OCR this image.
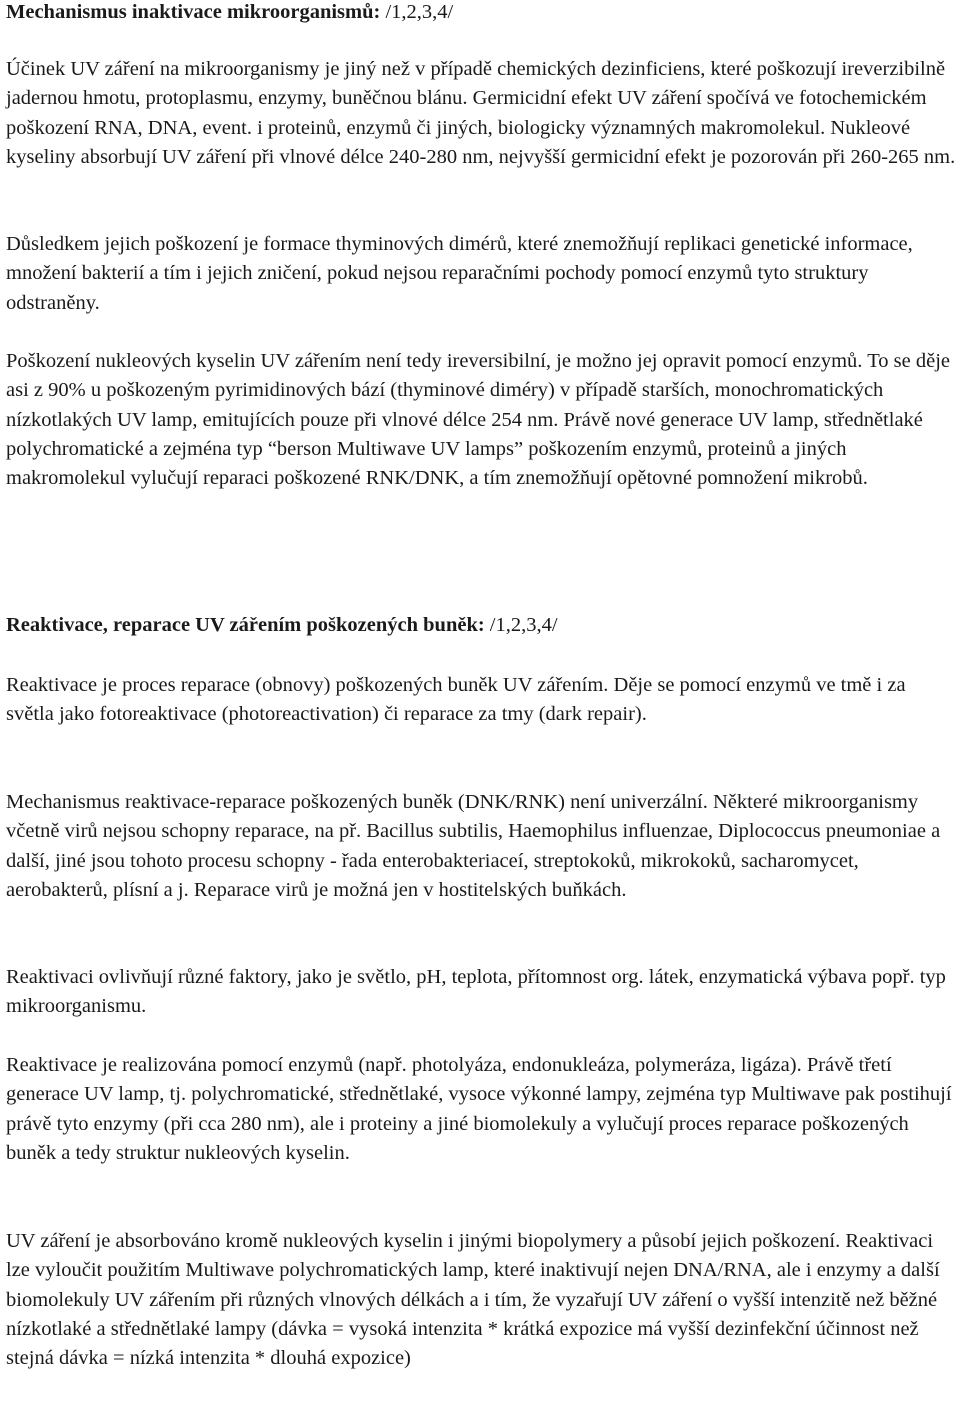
Mechanismus inaktivace mikroorganismů: /1,2,3,4/

Účinek UV záření na mikroorganismy je jiný než v případě chemických dezinficiens, které poškozují ireverzibilně jadernou hmotu, protoplasmu, enzymy, buněčnou blánu. Germicidní efekt UV záření spočívá ve fotochemickém poškození RNA, DNA, event. i proteinů, enzymů či jiných, biologicky významných makromolekul. Nukleové kyseliny absorbují UV záření při vlnové délce 240-280 nm, nejvyšší germicidní efekt je pozorován při 260-265 nm.

Důsledkem jejich poškození je formace thyminových dimérů, které znemožňují replikaci genetické informace, množení bakterií a tím i jejich zničení, pokud nejsou reparačními pochody pomocí enzymů tyto struktury odstraněny.

Poškození nukleových kyselin UV zářením není tedy ireversibilní, je možno jej opravit pomocí enzymů. To se děje asi z 90% u poškozeným pyrimidinových bází (thyminové diméry) v případě starších, monochromatických nízkotlakých UV lamp, emitujících pouze při vlnové délce 254 nm. Právě nové generace UV lamp, střednětlaké polychromatické a zejména typ “berson Multiwave UV lamps” poškozením enzymů, proteinů a jiných makromolekul vylučují reparaci poškozené RNK/DNK, a tím znemožňují opětovné pomnožení mikrobů.

Reaktivace, reparace UV zářením poškozených buněk: /1,2,3,4/

Reaktivace je proces reparace (obnovy) poškozených buněk UV zářením. Děje se pomocí enzymů ve tmě i za světla jako fotoreaktivace (photoreactivation) či reparace za tmy (dark repair).

Mechanismus reaktivace-reparace poškozených buněk (DNK/RNK) není univerzální. Některé mikroorganismy včetně virů nejsou schopny reparace, na př. Bacillus subtilis, Haemophilus influenzae, Diplococcus pneumoniae a další, jiné jsou tohoto procesu schopny - řada enterobakteriaceí, streptokoků, mikrokoků, sacharomycet, aerobakterů, plísní a j. Reparace virů je možná jen v hostitelských buňkách.

Reaktivaci ovlivňují různé faktory, jako je světlo, pH, teplota, přítomnost org. látek, enzymatická výbava popř. typ mikroorganismu.

Reaktivace je realizována pomocí enzymů (např. photolyáza, endonukleáza, polymeráza, ligáza). Právě třetí generace UV lamp, tj. polychromatické, střednětlaké, vysoce výkonné lampy, zejména typ Multiwave pak postihují právě tyto enzymy (při cca 280 nm), ale i proteiny a jiné biomolekuly a vylučují proces reparace poškozených buněk a tedy struktur nukleových kyselin.

UV záření je absorbováno kromě nukleových kyselin i jinými biopolymery a působí jejich poškození. Reaktivaci lze vyloučit použitím Multiwave polychromatických lamp, které inaktivují nejen DNA/RNA, ale i enzymy a další biomolekuly UV zářením při různých vlnových délkách a i tím, že vyzařují UV záření o vyšší intenzitě než běžné nízkotlaké a střednětlaké lampy (dávka = vysoká intenzita * krátká expozice má vyšší dezinfekční účinnost než stejná dávka = nízká intenzita * dlouhá expozice)
